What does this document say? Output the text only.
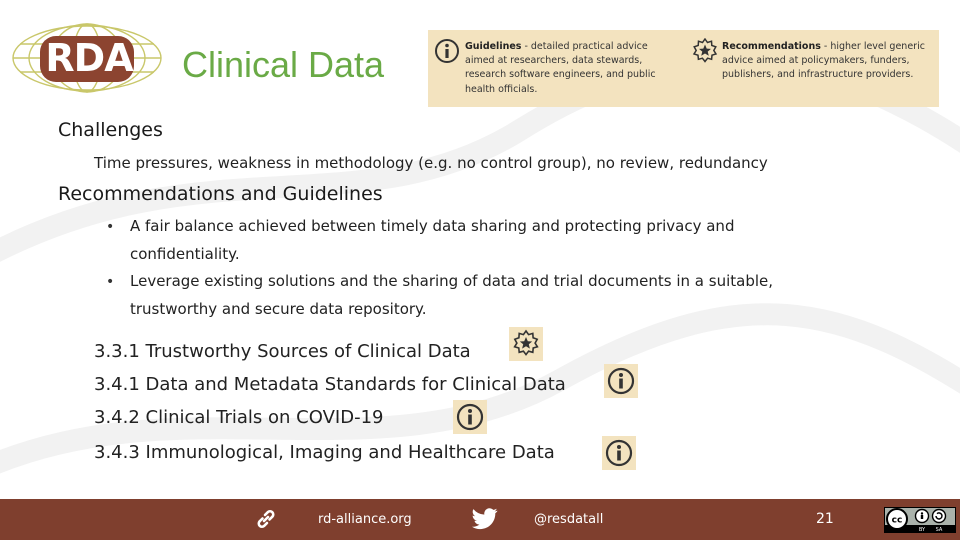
RDA Clinical Data	Guidelines - detailed practical advice
aimed at researchers, data stewards,
research software engineers, and public
health officials.
Recommendations - higher level generic
advice aimed at policymakers, funders,
publishers, and infrastructure providers.
Challenges
Time pressures, weakness in methodology (e.g. no control group), no review, redundancy
Recommendations and Guidelines
• A fair balance achieved between timely data sharing and protecting privacy and
confidentiality.
• Leverage existing solutions and the sharing of data and trial documents in a suitable,
trustworthy and secure data repository.
3.3.1 Trustworthy Sources of Clinical Data
3.4.1 Data and Metadata Standards for Clinical Data
3.4.2 Clinical Trials on COVID-19
3.4.3 Immunological, Imaging and Healthcare Data
rd-alliance.org	@resdatall	21	cc
BY SA
